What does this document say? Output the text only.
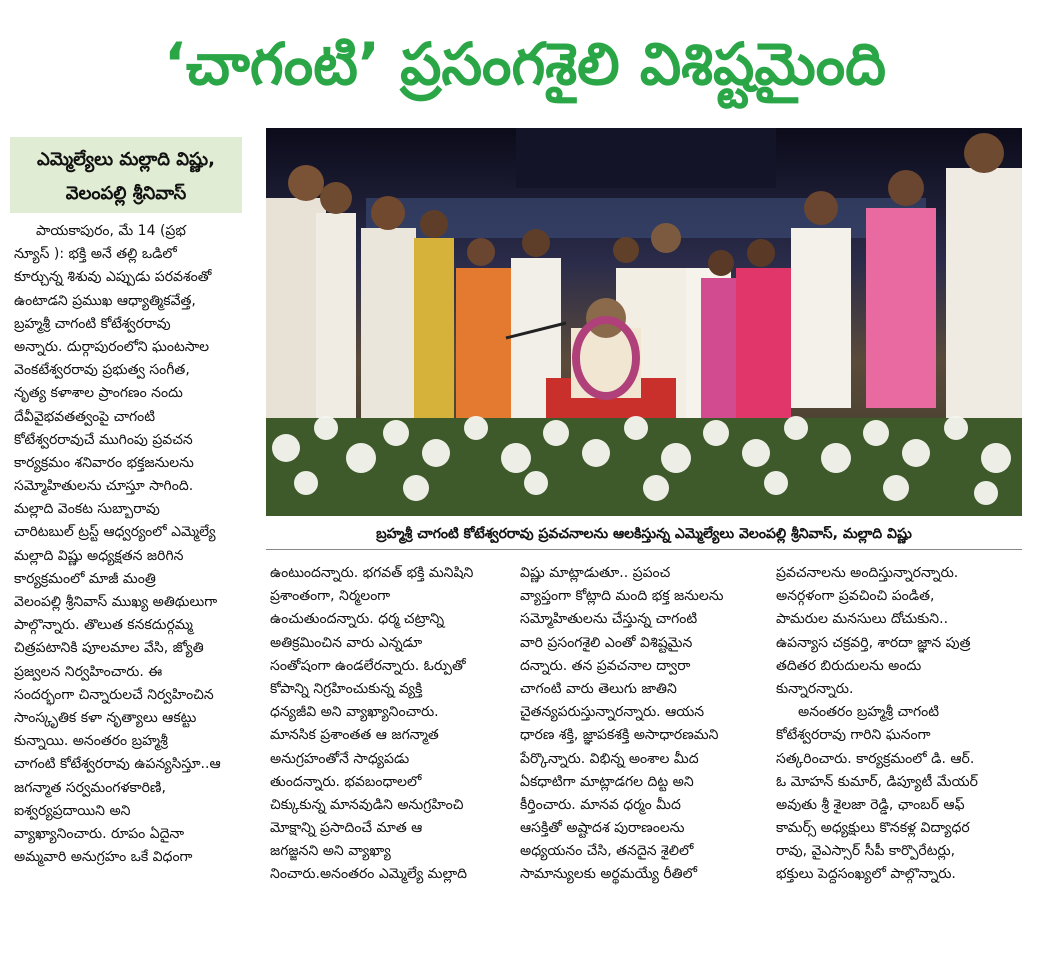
‘చాగంటి’ ప్రసంగశైలి విశిష్టమైంది
ఎమ్మెల్యేలు మల్లాది విష్ణు,
వెలంపల్లి శ్రీనివాస్
బ్రహ్మశ్రీ చాగంటి కోటేశ్వరరావు ప్రవచనాలను ఆలకిస్తున్న ఎమ్మెల్యేలు వెలంపల్లి శ్రీనివాస్, మల్లాది విష్ణు
పాయకాపురం, మే 14 (ప్రభ
న్యూస్ ): భక్తి అనే తల్లి ఒడిలో
కూర్చున్న శిశువు ఎప్పుడు పరవశంతో
ఉంటాడని ప్రముఖ ఆధ్యాత్మికవేత్త,
బ్రహ్మశ్రీ చాగంటి కోటేశ్వరరావు
అన్నారు. దుర్గాపురంలోని ఘంటసాల
వెంకటేశ్వరరావు ప్రభుత్వ సంగీత,
నృత్య కళాశాల ప్రాంగణం నందు
దేవీవైభవతత్వంపై చాగంటి
కోటేశ్వరరావుచే ముగింపు ప్రవచన
కార్యక్రమం శనివారం భక్తజనులను
సమ్మోహితులను చూస్తూ సాగింది.
మల్లాది వెంకట సుబ్బారావు
చారిటబుల్ ట్రస్ట్ ఆధ్వర్యంలో ఎమ్మెల్యే
మల్లాది విష్ణు అధ్యక్షతన జరిగిన
కార్యక్రమంలో మాజీ మంత్రి
వెలంపల్లి శ్రీనివాస్ ముఖ్య అతిథులుగా
పాల్గొన్నారు. తొలుత కనకదుర్గమ్మ
చిత్రపటానికి పూలమాల వేసి, జ్యోతి
ప్రజ్వలన నిర్వహించారు. ఈ
సందర్భంగా చిన్నారులచే నిర్వహించిన
సాంస్కృతిక కళా నృత్యాలు ఆకట్టు
కున్నాయి. అనంతరం బ్రహ్మశ్రీ
చాగంటి కోటేశ్వరరావు ఉపన్యసిస్తూ..ఆ
జగన్మాత సర్వమంగళకారిణి,
ఐశ్వర్యప్రదాయిని అని
వ్యాఖ్యానించారు. రూపం ఏదైనా
అమ్మవారి అనుగ్రహం ఒకే విధంగా
ఉంటుందన్నారు. భగవత్ భక్తి మనిషిని
ప్రశాంతంగా, నిర్మలంగా
ఉంచుతుందన్నారు. ధర్మ చట్రాన్ని
అతిక్రమించిన వారు ఎన్నడూ
సంతోషంగా ఉండలేరన్నారు. ఓర్పుతో
కోపాన్ని నిగ్రహించుకున్న వ్యక్తి
ధన్యజీవి అని వ్యాఖ్యానించారు.
మానసిక ప్రశాంతత ఆ జగన్మాత
అనుగ్రహంతోనే సాధ్యపడు
తుందన్నారు. భవబంధాలలో
చిక్కుకున్న మానవుడిని అనుగ్రహించి
మోక్షాన్ని ప్రసాదించే మాత ఆ
జగజ్జనని అని వ్యాఖ్యా
నించారు.అనంతరం ఎమ్మెల్యే మల్లాది
విష్ణు మాట్లాడుతూ.. ప్రపంచ
వ్యాప్తంగా కోట్లాది మంది భక్త జనులను
సమ్మోహితులను చేస్తున్న చాగంటి
వారి ప్రసంగశైలి ఎంతో విశిష్టమైన
దన్నారు. తన ప్రవచనాల ద్వారా
చాగంటి వారు తెలుగు జాతిని
చైతన్యపరుస్తున్నారన్నారు. ఆయన
ధారణ శక్తి, జ్ఞాపకశక్తి అసాధారణమని
పేర్కొన్నారు. విభిన్న అంశాల మీద
ఏకధాటిగా మాట్లాడగల దిట్ట అని
కీర్తించారు. మానవ ధర్మం మీద
ఆసక్తితో అష్టాదశ పురాణంలను
అధ్యయనం చేసి, తనదైన శైలిలో
సామాన్యులకు అర్థమయ్యే రీతిలో
ప్రవచనాలను అందిస్తున్నారన్నారు.
అనర్గళంగా ప్రవచించి పండిత,
పామరుల మనసులు దోచుకుని..
ఉపన్యాస చక్రవర్తి, శారదా జ్ఞాన పుత్ర
తదితర బిరుదులను అందు
కున్నారన్నారు.
అనంతరం బ్రహ్మశ్రీ చాగంటి
కోటేశ్వరరావు గారిని ఘనంగా
సత్కరించారు. కార్యక్రమంలో డి. ఆర్.
ఓ మోహన్ కుమార్, డిప్యూటీ మేయర్
అవుతు శ్రీ శైలజా రెడ్డి, ఛాంబర్ ఆఫ్
కామర్స్ అధ్యక్షులు కొనకళ్ల విద్యాధర
రావు, వైఎస్సార్ సీపీ కార్పొరేటర్లు,
భక్తులు పెద్దసంఖ్యలో పాల్గొన్నారు.
